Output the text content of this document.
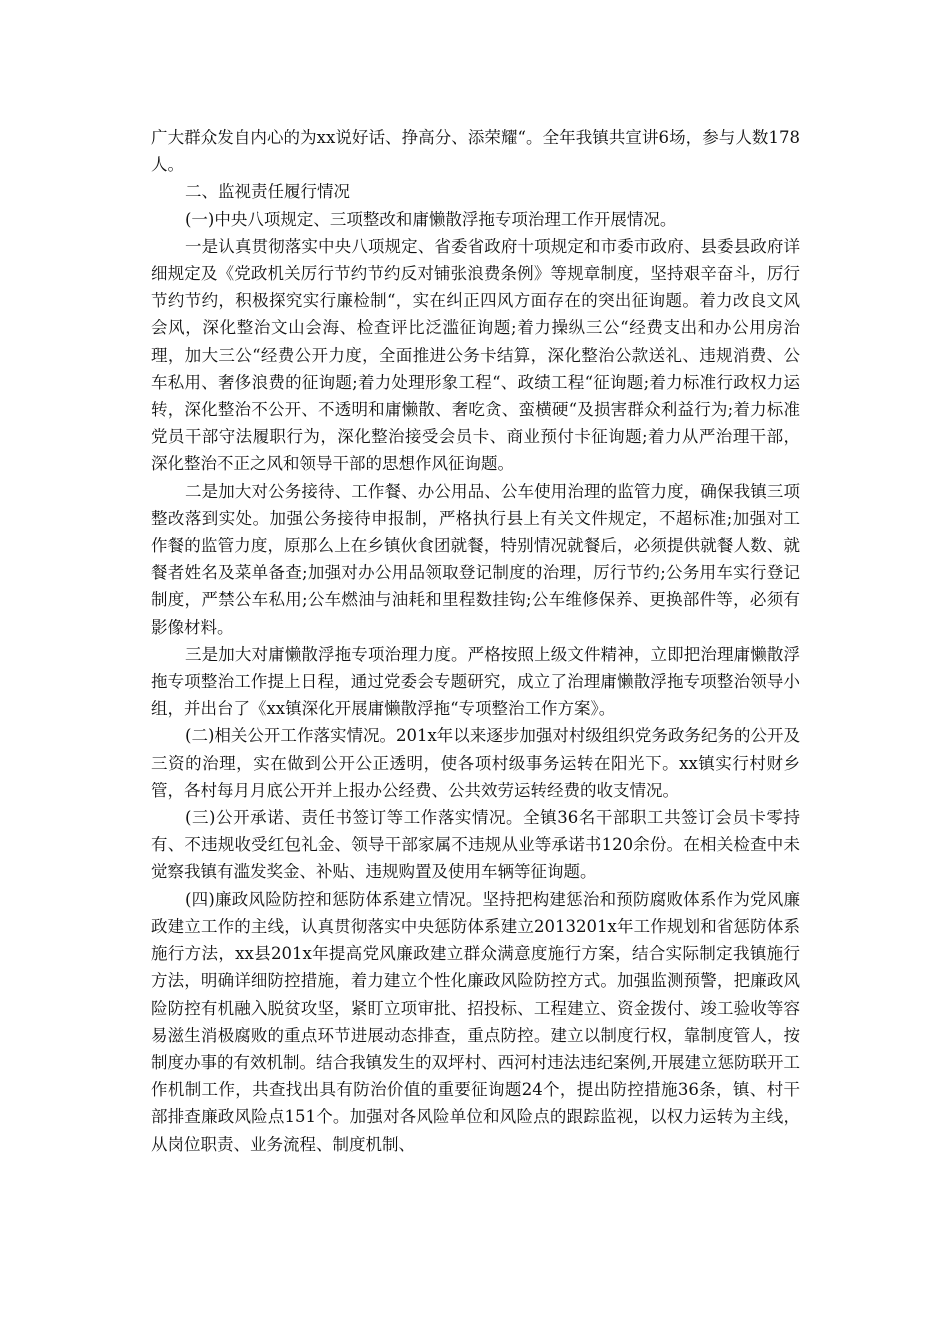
广大群众发自内心的为xx说好话、挣高分、添荣耀“。全年我镇共宣讲6场，参与人数178人。

二、监视责任履行情况

(一)中央八项规定、三项整改和庸懒散浮拖专项治理工作开展情况。

一是认真贯彻落实中央八项规定、省委省政府十项规定和市委市政府、县委县政府详细规定及《党政机关厉行节约节约反对铺张浪费条例》等规章制度，坚持艰辛奋斗，厉行节约节约，积极探究实行廉检制“，实在纠正四风方面存在的突出征询题。着力改良文风会风，深化整治文山会海、检查评比泛滥征询题;着力操纵三公“经费支出和办公用房治理，加大三公“经费公开力度，全面推进公务卡结算，深化整治公款送礼、违规消费、公车私用、奢侈浪费的征询题;着力处理形象工程“、政绩工程“征询题;着力标准行政权力运转，深化整治不公开、不透明和庸懒散、奢吃贪、蛮横硬“及损害群众利益行为;着力标准党员干部守法履职行为，深化整治接受会员卡、商业预付卡征询题;着力从严治理干部，深化整治不正之风和领导干部的思想作风征询题。

二是加大对公务接待、工作餐、办公用品、公车使用治理的监管力度，确保我镇三项整改落到实处。加强公务接待申报制，严格执行县上有关文件规定，不超标准;加强对工作餐的监管力度，原那么上在乡镇伙食团就餐，特别情况就餐后，必须提供就餐人数、就餐者姓名及菜单备查;加强对办公用品领取登记制度的治理，厉行节约;公务用车实行登记制度，严禁公车私用;公车燃油与油耗和里程数挂钩;公车维修保养、更换部件等，必须有影像材料。

三是加大对庸懒散浮拖专项治理力度。严格按照上级文件精神，立即把治理庸懒散浮拖专项整治工作提上日程，通过党委会专题研究，成立了治理庸懒散浮拖专项整治领导小组，并出台了《xx镇深化开展庸懒散浮拖“专项整治工作方案》。

(二)相关公开工作落实情况。201x年以来逐步加强对村级组织党务政务纪务的公开及三资的治理，实在做到公开公正透明，使各项村级事务运转在阳光下。xx镇实行村财乡管，各村每月月底公开并上报办公经费、公共效劳运转经费的收支情况。

(三)公开承诺、责任书签订等工作落实情况。全镇36名干部职工共签订会员卡零持有、不违规收受红包礼金、领导干部家属不违规从业等承诺书120余份。在相关检查中未觉察我镇有滥发奖金、补贴、违规购置及使用车辆等征询题。

(四)廉政风险防控和惩防体系建立情况。坚持把构建惩治和预防腐败体系作为党风廉政建立工作的主线，认真贯彻落实中央惩防体系建立2013201x年工作规划和省惩防体系施行方法，xx县201x年提高党风廉政建立群众满意度施行方案，结合实际制定我镇施行方法，明确详细防控措施，着力建立个性化廉政风险防控方式。加强监测预警，把廉政风险防控有机融入脱贫攻坚，紧盯立项审批、招投标、工程建立、资金拨付、竣工验收等容易滋生消极腐败的重点环节进展动态排查，重点防控。建立以制度行权，靠制度管人，按制度办事的有效机制。结合我镇发生的双坪村、西河村违法违纪案例,开展建立惩防联开工作机制工作，共查找出具有防治价值的重要征询题24个，提出防控措施36条，镇、村干部排查廉政风险点151个。加强对各风险单位和风险点的跟踪监视，以权力运转为主线，从岗位职责、业务流程、制度机制、
